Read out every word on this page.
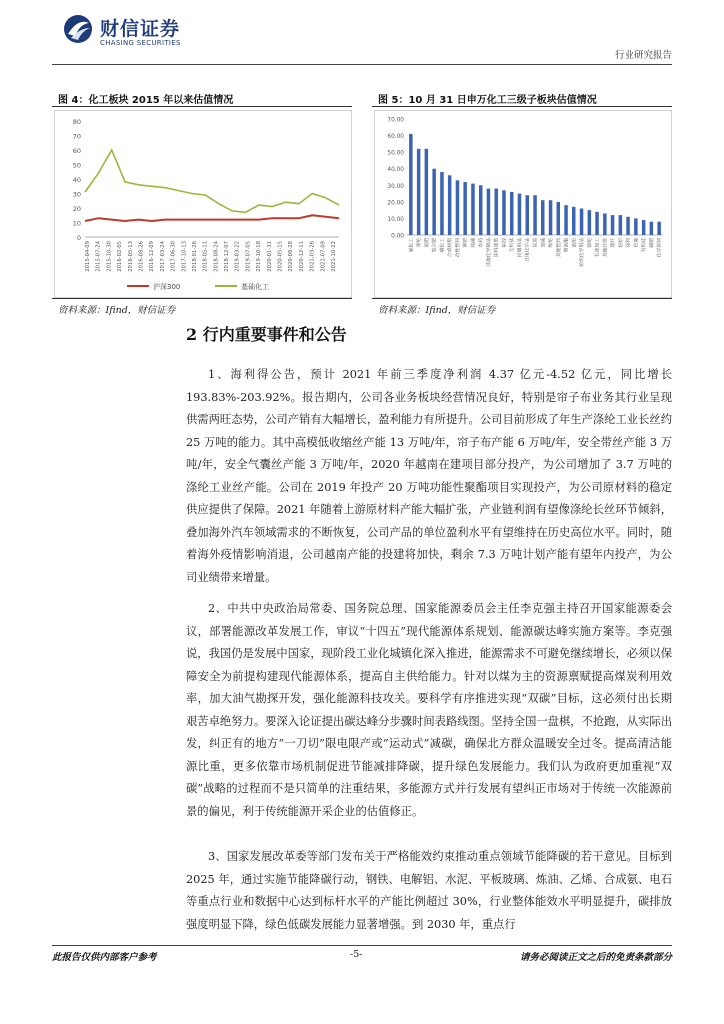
财信证券
CHASING SECURITIES
行业研究报告
图 4：化工板块 2015 年以来估值情况
0
10
20
30
40
50
60
70
80
2015-04-09 2015-07-24 2015-10-30 2016-02-05 2016-05-13 2016-08-26 2016-12-09 2017-03-24 2017-06-30 2017-10-13 2018-01-26 2018-05-11 2018-08-24 2018-12-07 2019-03-22 2019-07-05 2019-10-18 2020-01-31 2020-05-15 2020-08-28 2020-12-11 2021-03-26 2021-07-09 2021-10-22
沪深300	基础化工
资料来源：Ifind，财信证券
图 5：10 月 31 日申万化工三级子板块估值情况
0.00
10.00
20.00
30.00
40.00
50.00
60.00
70.00
氟化工 涤纶 氮肥 复合肥 磷化工 合成树脂 改性塑料 钾肥 纯碱 农药 其他化学制品 涂料油墨 粘胶 无机盐 民爆用品 日用化学品 炭黑 氯碱 维纶 其他塑料 聚氨酯 氨纶 纺织化学用品 锦纶 石油加工 其他纤维 玻纤 轮胎 涂料 民爆 有机硅 磷肥 化学原料
资料来源：Ifind，财信证券
2 行内重要事件和公告
1、海利得公告，预计 2021 年前三季度净利润 4.37 亿元-4.52 亿元，同比增长 193.83%-203.92%。报告期内，公司各业务板块经营情况良好，特别是帘子布业务其行业呈现供需两旺态势，公司产销有大幅增长，盈利能力有所提升。公司目前形成了年生产涤纶工业长丝约 25 万吨的能力。其中高模低收缩丝产能 13 万吨/年，帘子布产能 6 万吨/年，安全带丝产能 3 万吨/年，安全气囊丝产能 3 万吨/年，2020 年越南在建项目部分投产，为公司增加了 3.7 万吨的涤纶工业丝产能。公司在 2019 年投产 20 万吨功能性聚酯项目实现投产，为公司原材料的稳定供应提供了保障。2021 年随着上游原材料产能大幅扩张，产业链利润有望像涤纶长丝环节倾斜，叠加海外汽车领域需求的不断恢复，公司产品的单位盈利水平有望维持在历史高位水平。同时，随着海外疫情影响消退，公司越南产能的投建将加快，剩余 7.3 万吨计划产能有望年内投产，为公司业绩带来增量。
2、中共中央政治局常委、国务院总理、国家能源委员会主任李克强主持召开国家能源委会议，部署能源改革发展工作，审议“十四五”现代能源体系规划、能源碳达峰实施方案等。李克强说，我国仍是发展中国家，现阶段工业化城镇化深入推进，能源需求不可避免继续增长，必须以保障安全为前提构建现代能源体系，提高自主供给能力。针对以煤为主的资源禀赋提高煤炭利用效率，加大油气勘探开发，强化能源科技攻关。要科学有序推进实现“双碳”目标，这必须付出长期艰苦卓绝努力。要深入论证提出碳达峰分步骤时间表路线图。坚持全国一盘棋，不抢跑，从实际出发，纠正有的地方“一刀切”限电限产或“运动式”减碳，确保北方群众温暖安全过冬。提高清洁能源比重，更多依靠市场机制促进节能减排降碳，提升绿色发展能力。我们认为政府更加重视“双碳”战略的过程而不是只简单的注重结果，多能源方式并行发展有望纠正市场对于传统一次能源前景的偏见，利于传统能源开采企业的估值修正。
3、国家发展改革委等部门发布关于严格能效约束推动重点领域节能降碳的若干意见。目标到 2025 年，通过实施节能降碳行动，钢铁、电解铝、水泥、平板玻璃、炼油、乙烯、合成氨、电石等重点行业和数据中心达到标杆水平的产能比例超过 30%，行业整体能效水平明显提升，碳排放强度明显下降，绿色低碳发展能力显著增强。到 2030 年，重点行
此报告仅供内部客户参考	-5-	请务必阅读正文之后的免责条款部分
